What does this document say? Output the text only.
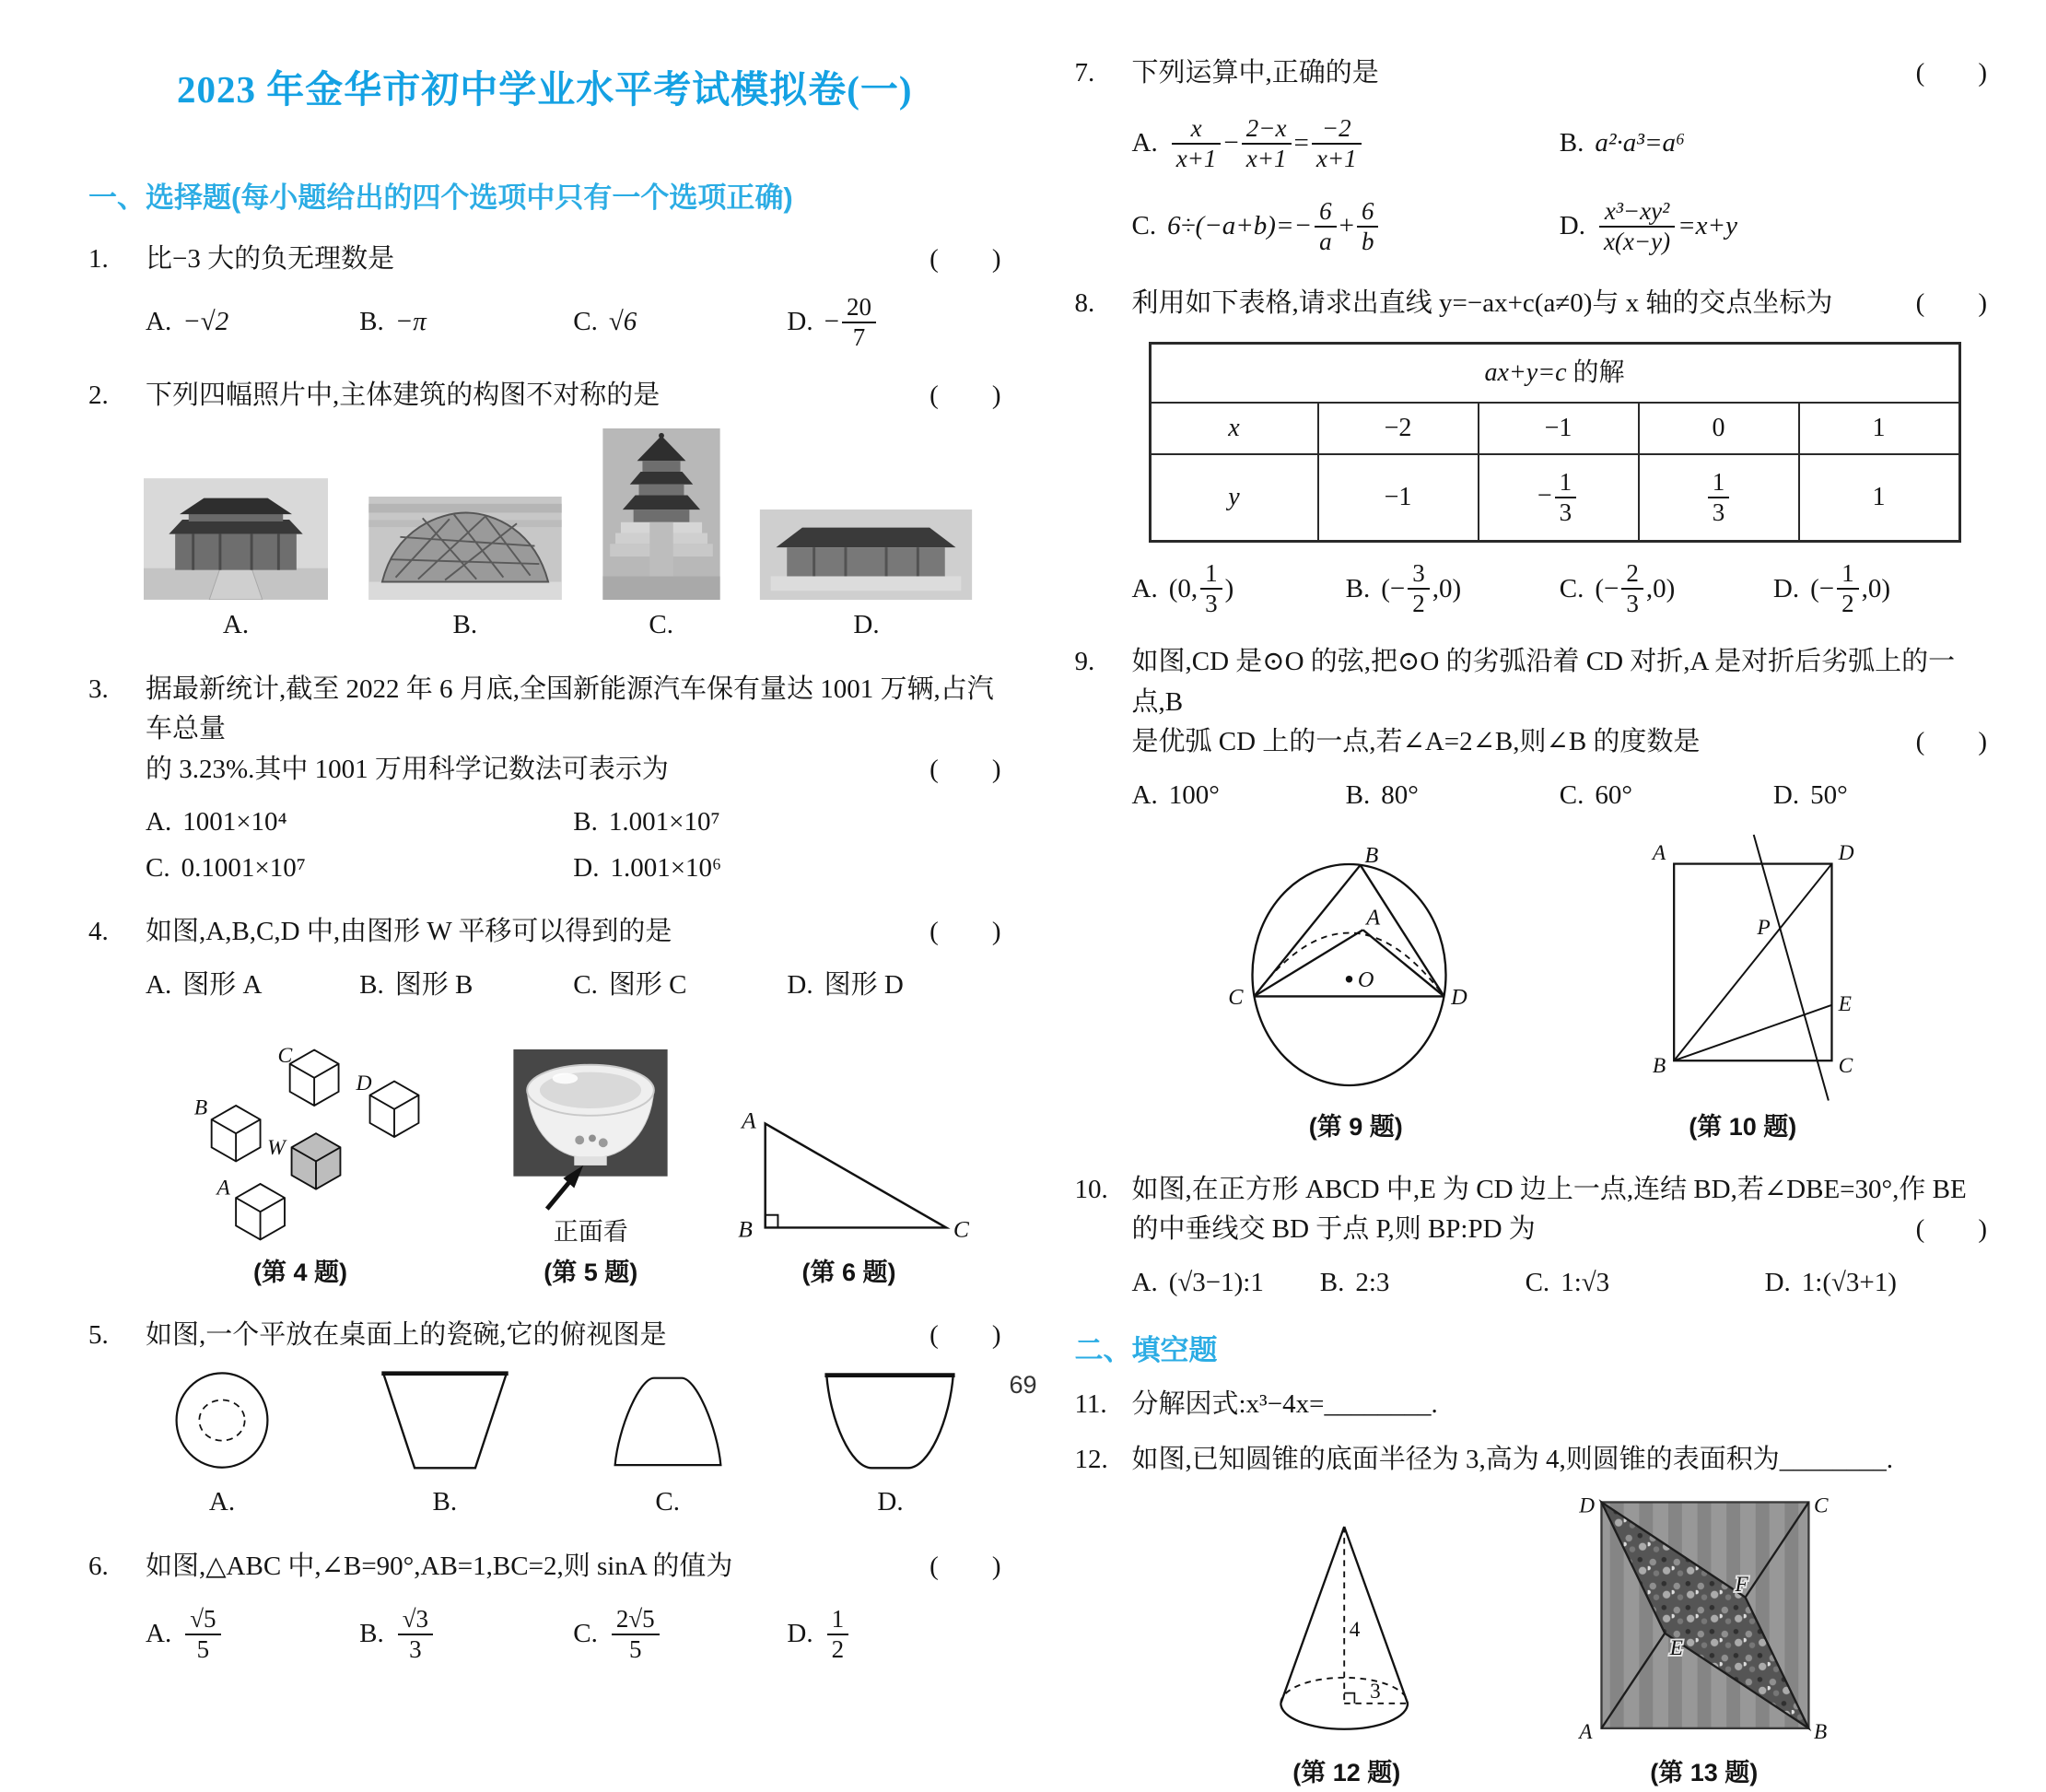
2023 年金华市初中学业水平考试模拟卷(一)
一、选择题(每小题给出的四个选项中只有一个选项正确)
1.	比−3 大的负无理数是	(        )
A. −√2	B. −π	C. √6	D. − $\frac{20}{7}$
2.	下列四幅照片中,主体建筑的构图不对称的是	(        )
A.	B.	C.	D.
3.	据最新统计,截至 2022 年 6 月底,全国新能源汽车保有量达 1001 万辆,占汽车总量
的 3.23%.其中 1001 万用科学记数法可表示为	(        )
A. 1001×10⁴	B. 1.001×10⁷
C. 0.1001×10⁷	D. 1.001×10⁶
4.	如图,A,B,C,D 中,由图形 W 平移可以得到的是	(        )
A. 图形 A	B. 图形 B	C. 图形 C	D. 图形 D
C
D
B
W
A
(第 4 题)
正面看
(第 5 题)
A
B	C
(第 6 题)
5.	如图,一个平放在桌面上的瓷碗,它的俯视图是	(        )
A.	B.	C.	D.
6.	如图,△ABC 中,∠B=90°,AB=1,BC=2,则 sinA 的值为	(        )
A. $\frac{√5}{5}$	B. $\frac{√3}{3}$	C. $\frac{2√5}{5}$	D. $\frac{1}{2}$
7.	下列运算中,正确的是	(        )
A. $\frac{x}{x+1} - \frac{2-x}{x+1} = \frac{-2}{x+1}$	B. a²·a³=a⁶
C. $6\div(-a+b)=- \frac{6}{a} + \frac{6}{b}$	D. $\frac{\text{x³−xy²}}{x(x-y)} =x+y$
8.	利用如下表格,请求出直线 y=−ax+c(a≠0)与 x 轴的交点坐标为	(        )
ax+y=c 的解				
x	−2	−1	0	1
y	−1	− $\frac{1}{3}$	$\frac{1}{3}$	1
A. (0, $\frac{1}{3}$ )	B. (− $\frac{3}{2} ,0$)	C. (− $\frac{2}{3} ,0$)	D. (− $\frac{1}{2} ,0$)
9.	如图,CD 是⊙O 的弦,把⊙O 的劣弧沿着 CD 对折,A 是对折后劣弧上的一点,B
是优弧 CD 上的一点,若∠A=2∠B,则∠B 的度数是	(        )
A. 100°	B. 80°	C. 60°	D. 50°
B
A
C	D
O
(第 9 题)
A	D
B	C
E
P
(第 10 题)
10. 如图,在正方形 ABCD 中,E 为 CD 边上一点,连结 BD,若∠DBE=30°,作 BE
的中垂线交 BD 于点 P,则 BP:PD 为	(        )
A. (√3−1):1 B. 2:3	C. 1:√3	D. 1:(√3+1)
二、填空题
11. 分解因式:x³−4x=________.
12. 如图,已知圆锥的底面半径为 3,高为 4,则圆锥的表面积为________.
4
3
(第 12 题)
D	C
A	B
E
F
(第 13 题)
69
